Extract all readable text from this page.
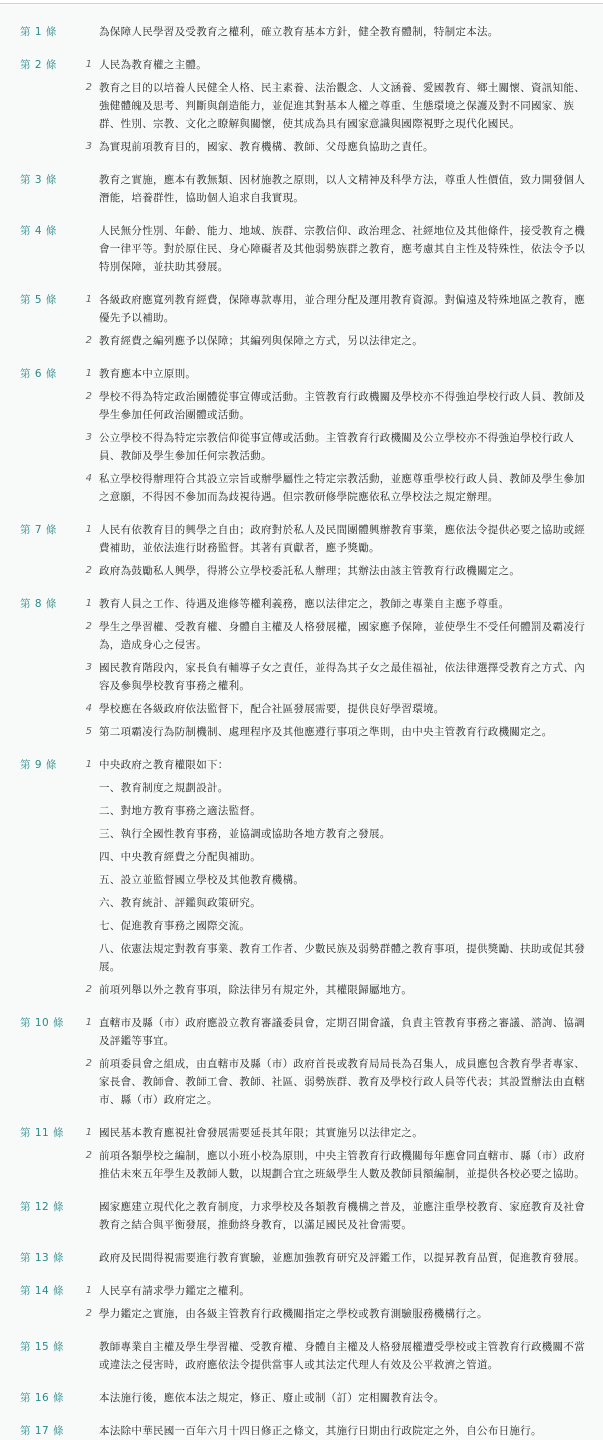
第 1 條	為保障人民學習及受教育之權利，確立教育基本方針，健全教育體制，特制定本法。
第 2 條	1 人民為教育權之主體。
2 教育之目的以培養人民健全人格、民主素養、法治觀念、人文涵養、愛國教育、鄉土關懷、資訊知能、強健體魄及思考、判斷與創造能力，並促進其對基本人權之尊重、生態環境之保護及對不同國家、族群、性別、宗教、文化之瞭解與關懷，使其成為具有國家意識與國際視野之現代化國民。
3 為實現前項教育目的，國家、教育機構、教師、父母應負協助之責任。
第 3 條	教育之實施，應本有教無類、因材施教之原則，以人文精神及科學方法，尊重人性價值，致力開發個人潛能，培養群性，協助個人追求自我實現。
第 4 條	人民無分性別、年齡、能力、地域、族群、宗教信仰、政治理念、社經地位及其他條件，接受教育之機會一律平等。對於原住民、身心障礙者及其他弱勢族群之教育，應考慮其自主性及特殊性，依法令予以特別保障，並扶助其發展。
第 5 條	1 各級政府應寬列教育經費，保障專款專用，並合理分配及運用教育資源。對偏遠及特殊地區之教育，應優先予以補助。
2 教育經費之編列應予以保障；其編列與保障之方式，另以法律定之。
第 6 條	1 教育應本中立原則。
2 學校不得為特定政治團體從事宣傳或活動。主管教育行政機關及學校亦不得強迫學校行政人員、教師及學生參加任何政治團體或活動。
3 公立學校不得為特定宗教信仰從事宣傳或活動。主管教育行政機關及公立學校亦不得強迫學校行政人員、教師及學生參加任何宗教活動。
4 私立學校得辦理符合其設立宗旨或辦學屬性之特定宗教活動，並應尊重學校行政人員、教師及學生參加之意願，不得因不參加而為歧視待遇。但宗教研修學院應依私立學校法之規定辦理。
第 7 條	1 人民有依教育目的興學之自由；政府對於私人及民間團體興辦教育事業，應依法令提供必要之協助或經費補助，並依法進行財務監督。其著有貢獻者，應予獎勵。
2 政府為鼓勵私人興學，得將公立學校委託私人辦理；其辦法由該主管教育行政機關定之。
第 8 條	1 教育人員之工作、待遇及進修等權利義務，應以法律定之，教師之專業自主應予尊重。
2 學生之學習權、受教育權、身體自主權及人格發展權，國家應予保障，並使學生不受任何體罰及霸凌行為，造成身心之侵害。
3 國民教育階段內，家長負有輔導子女之責任，並得為其子女之最佳福祉，依法律選擇受教育之方式、內容及參與學校教育事務之權利。
4 學校應在各級政府依法監督下，配合社區發展需要，提供良好學習環境。
5 第二項霸凌行為防制機制、處理程序及其他應遵行事項之準則，由中央主管教育行政機關定之。
第 9 條	1 中央政府之教育權限如下：
一、教育制度之規劃設計。
二、對地方教育事務之適法監督。
三、執行全國性教育事務，並協調或協助各地方教育之發展。
四、中央教育經費之分配與補助。
五、設立並監督國立學校及其他教育機構。
六、教育統計、評鑑與政策研究。
七、促進教育事務之國際交流。
八、依憲法規定對教育事業、教育工作者、少數民族及弱勢群體之教育事項，提供獎勵、扶助或促其發展。
2 前項列舉以外之教育事項，除法律另有規定外，其權限歸屬地方。
第 10 條	1 直轄市及縣（市）政府應設立教育審議委員會，定期召開會議，負責主管教育事務之審議、諮詢、協調及評鑑等事宜。
2 前項委員會之組成，由直轄市及縣（市）政府首長或教育局局長為召集人，成員應包含教育學者專家、家長會、教師會、教師工會、教師、社區、弱勢族群、教育及學校行政人員等代表；其設置辦法由直轄市、縣（市）政府定之。
第 11 條	1 國民基本教育應視社會發展需要延長其年限；其實施另以法律定之。
2 前項各類學校之編制，應以小班小校為原則，中央主管教育行政機關每年應會同直轄市、縣（市）政府推估未來五年學生及教師人數，以規劃合宜之班級學生人數及教師員額編制，並提供各校必要之協助。
第 12 條	國家應建立現代化之教育制度，力求學校及各類教育機構之普及，並應注重學校教育、家庭教育及社會教育之結合與平衡發展，推動終身教育，以滿足國民及社會需要。
第 13 條	政府及民間得視需要進行教育實驗，並應加強教育研究及評鑑工作，以提昇教育品質，促進教育發展。
第 14 條	1 人民享有請求學力鑑定之權利。
2 學力鑑定之實施，由各級主管教育行政機關指定之學校或教育測驗服務機構行之。
第 15 條	教師專業自主權及學生學習權、受教育權、身體自主權及人格發展權遭受學校或主管教育行政機關不當或違法之侵害時，政府應依法令提供當事人或其法定代理人有效及公平救濟之管道。
第 16 條	本法施行後，應依本法之規定，修正、廢止或制（訂）定相關教育法令。
第 17 條	本法除中華民國一百年六月十四日修正之條文，其施行日期由行政院定之外，自公布日施行。
